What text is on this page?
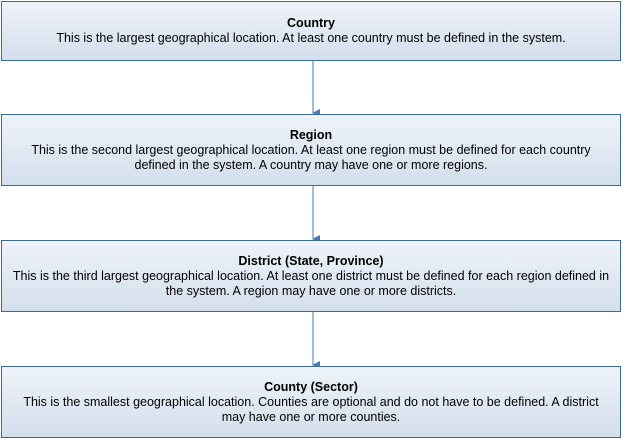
Country
This is the largest geographical location. At least one country must be defined in the system.
Region
This is the second largest geographical location. At least one region must be defined for each country defined in the system. A country may have one or more regions.
District (State, Province)
This is the third largest geographical location. At least one district must be defined for each region defined in the system. A region may have one or more districts.
County (Sector)
This is the smallest geographical location. Counties are optional and do not have to be defined. A district may have one or more counties.
